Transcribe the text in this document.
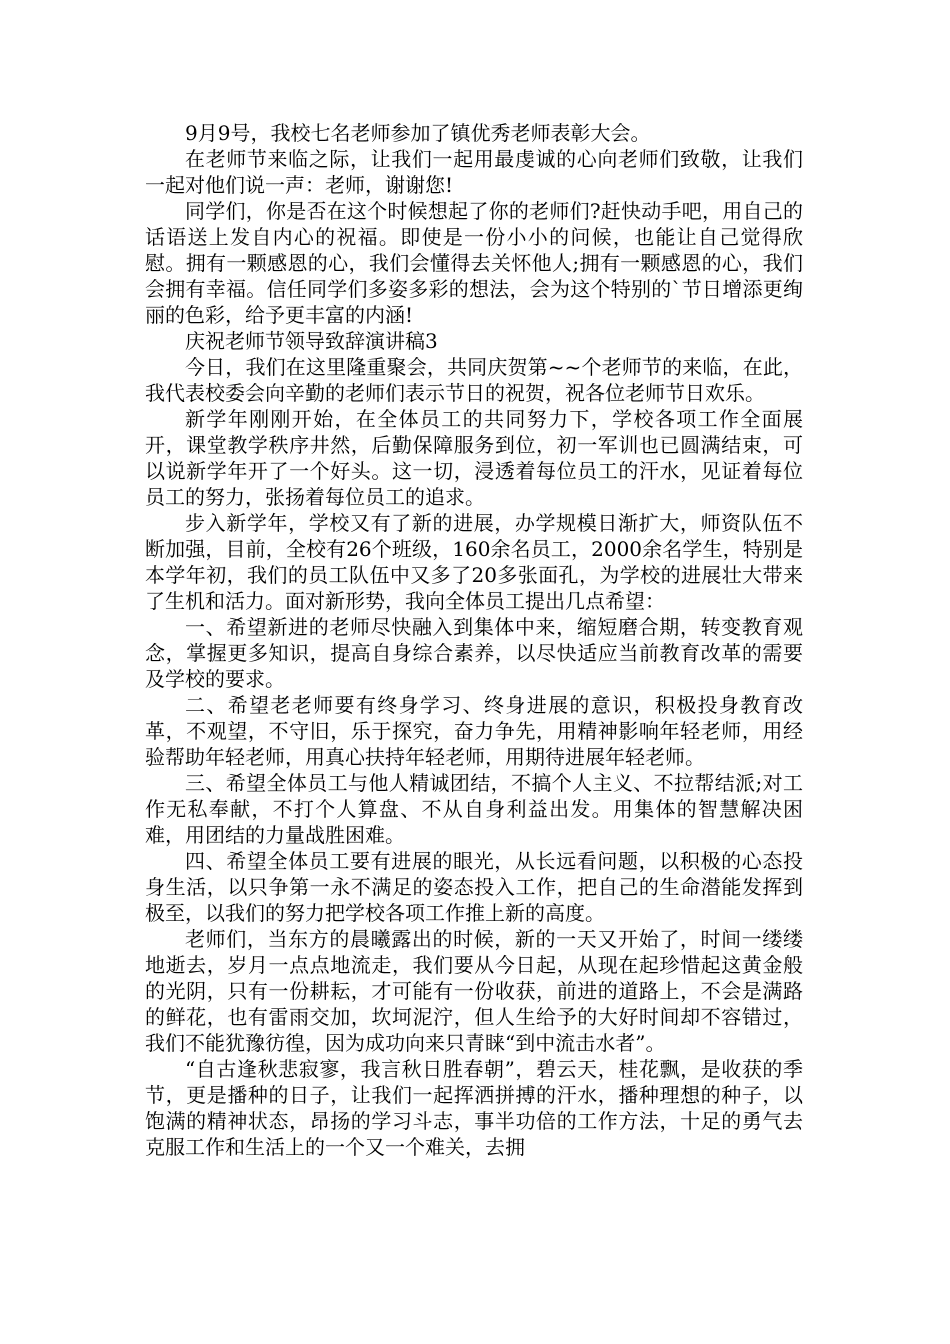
9月9号，我校七名老师参加了镇优秀老师表彰大会。

在老师节来临之际，让我们一起用最虔诚的心向老师们致敬，让我们一起对他们说一声：老师，谢谢您!

同学们，你是否在这个时候想起了你的老师们?赶快动手吧，用自己的话语送上发自内心的祝福。即使是一份小小的问候，也能让自己觉得欣慰。拥有一颗感恩的心，我们会懂得去关怀他人;拥有一颗感恩的心，我们会拥有幸福。信任同学们多姿多彩的想法，会为这个特别的`节日增添更绚丽的色彩，给予更丰富的内涵!

庆祝老师节领导致辞演讲稿3

今日，我们在这里隆重聚会，共同庆贺第~~个老师节的来临，在此，我代表校委会向辛勤的老师们表示节日的祝贺，祝各位老师节日欢乐。

新学年刚刚开始，在全体员工的共同努力下，学校各项工作全面展开，课堂教学秩序井然，后勤保障服务到位，初一军训也已圆满结束，可以说新学年开了一个好头。这一切，浸透着每位员工的汗水，见证着每位员工的努力，张扬着每位员工的追求。

步入新学年，学校又有了新的进展，办学规模日渐扩大，师资队伍不断加强，目前，全校有26个班级，160余名员工，2000余名学生，特别是本学年初，我们的员工队伍中又多了20多张面孔，为学校的进展壮大带来了生机和活力。面对新形势，我向全体员工提出几点希望：

一、希望新进的老师尽快融入到集体中来，缩短磨合期，转变教育观念，掌握更多知识，提高自身综合素养，以尽快适应当前教育改革的需要及学校的要求。

二、希望老老师要有终身学习、终身进展的意识，积极投身教育改革，不观望，不守旧，乐于探究，奋力争先，用精神影响年轻老师，用经验帮助年轻老师，用真心扶持年轻老师，用期待进展年轻老师。

三、希望全体员工与他人精诚团结，不搞个人主义、不拉帮结派;对工作无私奉献，不打个人算盘、不从自身利益出发。用集体的智慧解决困难，用团结的力量战胜困难。

四、希望全体员工要有进展的眼光，从长远看问题，以积极的心态投身生活，以只争第一永不满足的姿态投入工作，把自己的生命潜能发挥到极至，以我们的努力把学校各项工作推上新的高度。

老师们，当东方的晨曦露出的时候，新的一天又开始了，时间一缕缕地逝去，岁月一点点地流走，我们要从今日起，从现在起珍惜起这黄金般的光阴，只有一份耕耘，才可能有一份收获，前进的道路上，不会是满路的鲜花，也有雷雨交加，坎坷泥泞，但人生给予的大好时间却不容错过，我们不能犹豫彷徨，因为成功向来只青睐“到中流击水者”。

“自古逢秋悲寂寥，我言秋日胜春朝”，碧云天，桂花飘，是收获的季节，更是播种的日子，让我们一起挥洒拼搏的汗水，播种理想的种子，以饱满的精神状态，昂扬的学习斗志，事半功倍的工作方法，十足的勇气去克服工作和生活上的一个又一个难关，去拥
